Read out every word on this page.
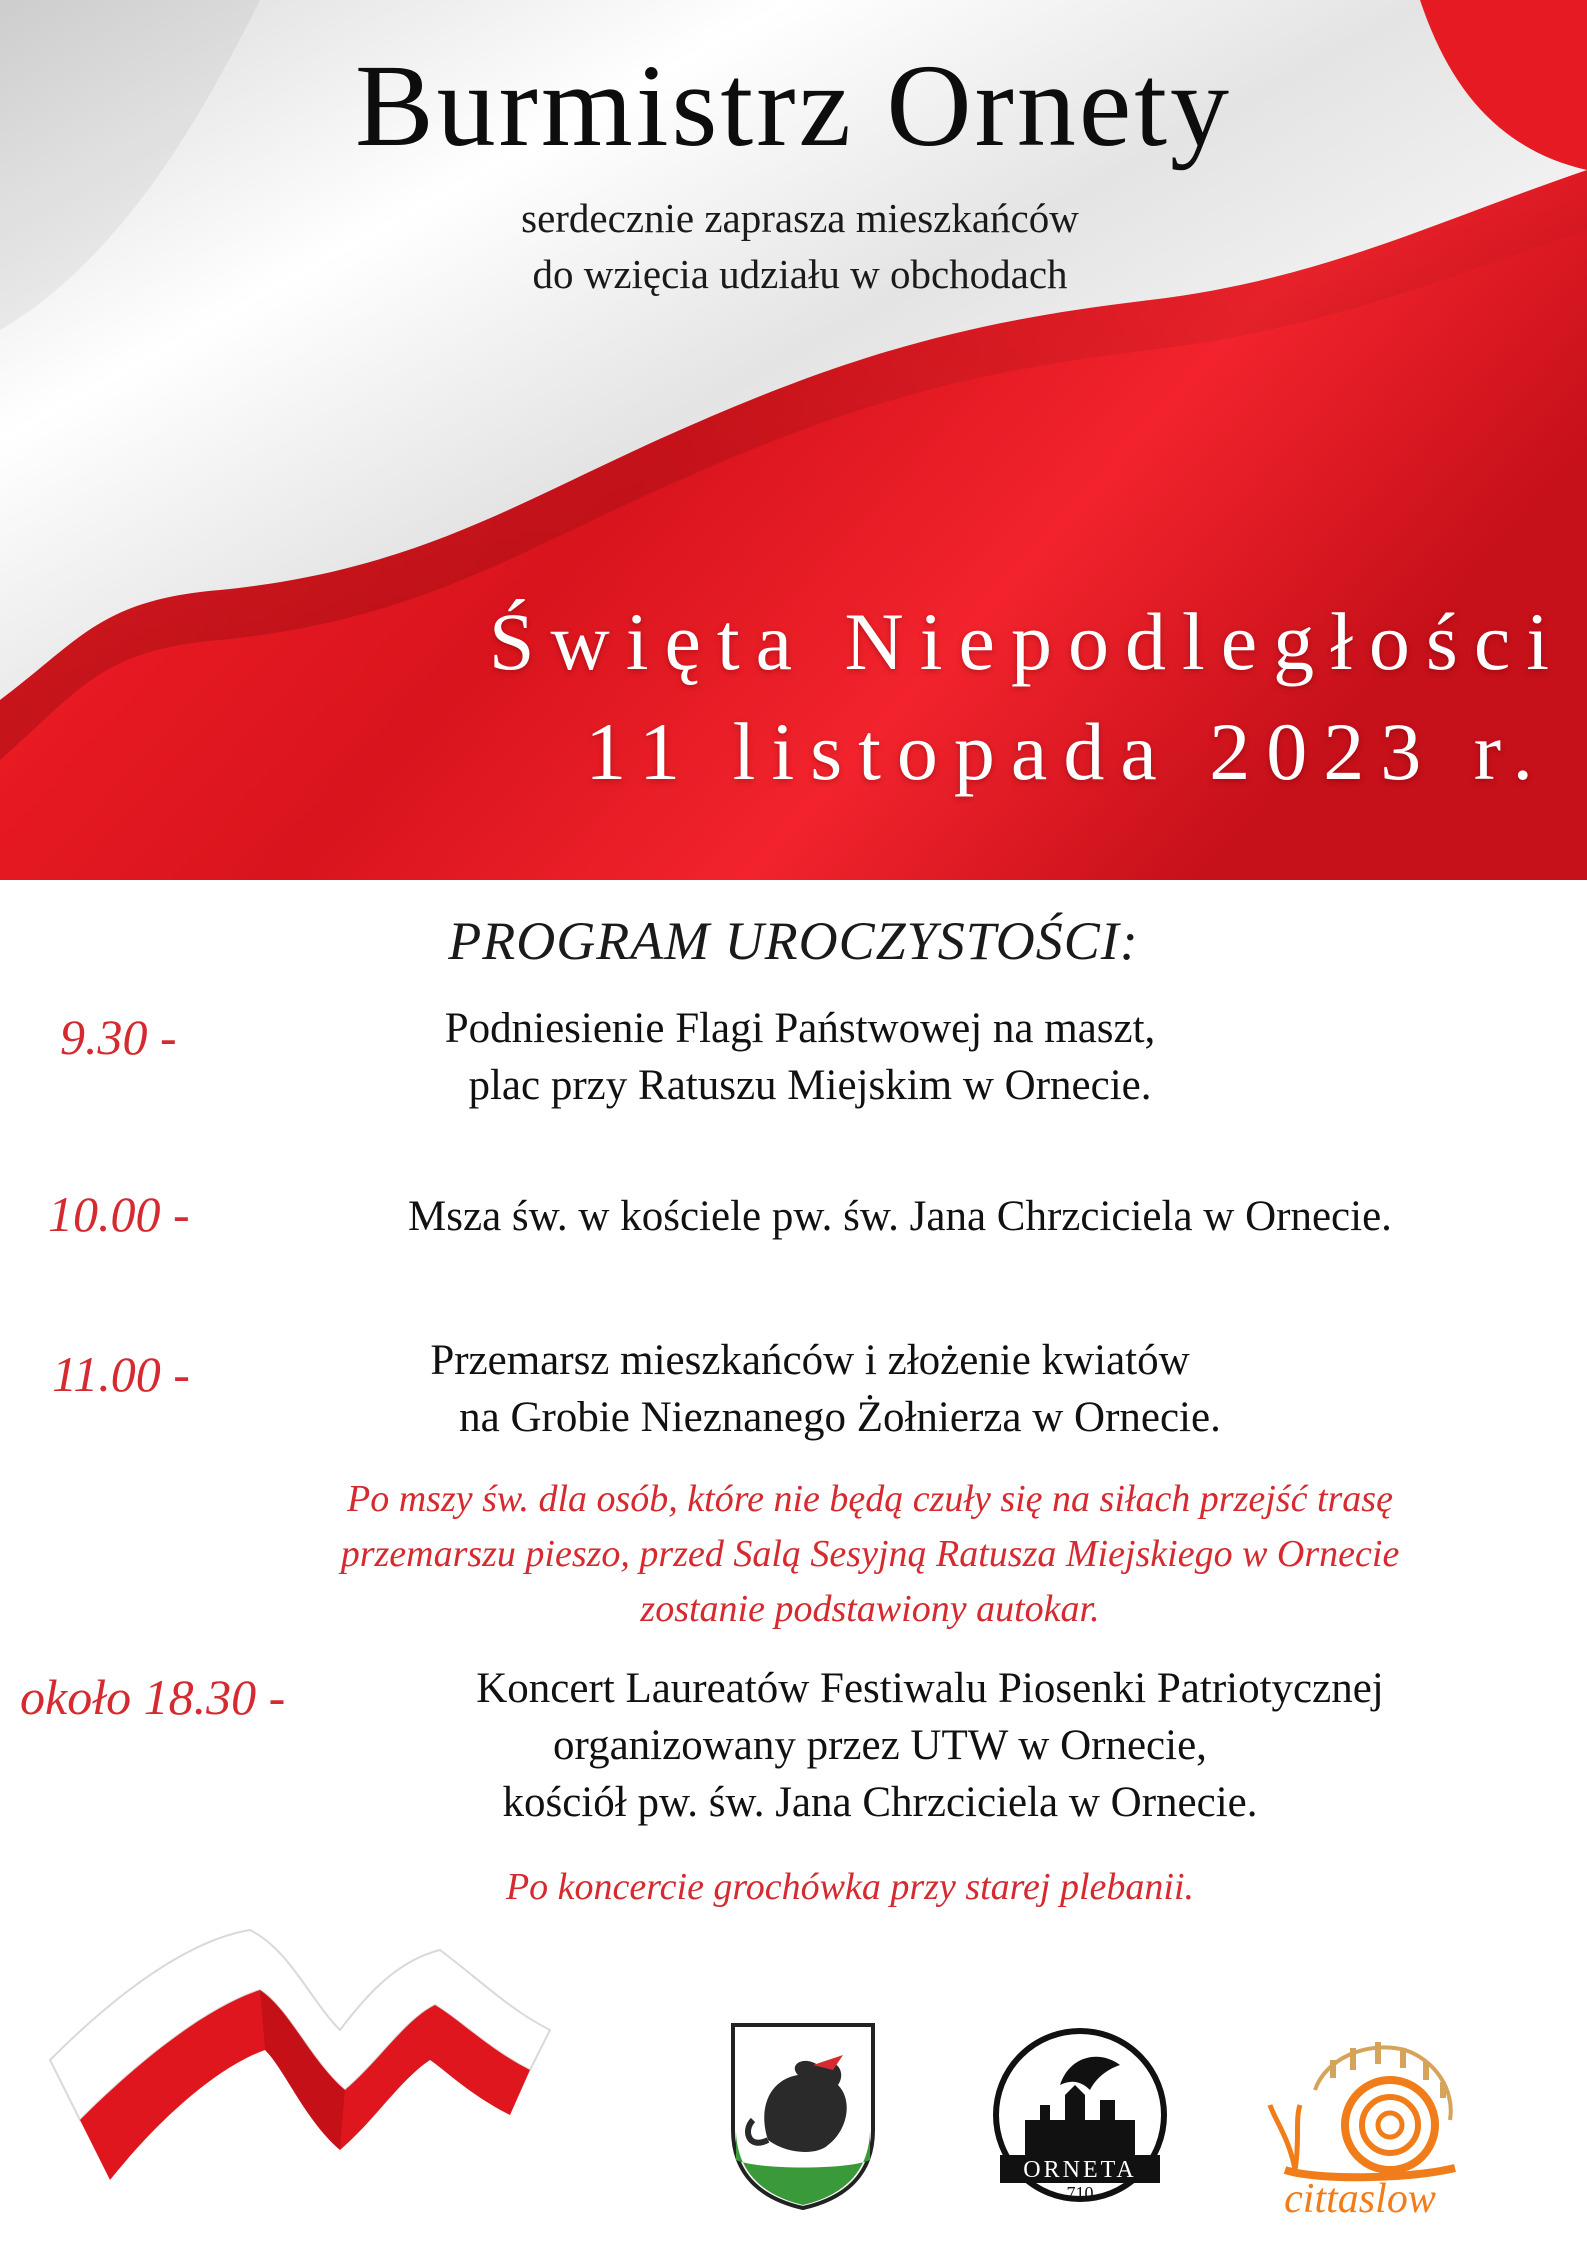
Burmistrz Ornety
serdecznie zaprasza mieszkańców
do wzięcia udziału w obchodach
Święta Niepodległości
11 listopada 2023 r.
PROGRAM UROCZYSTOŚCI:
9.30 -	Podniesienie Flagi Państwowej na maszt,
plac przy Ratuszu Miejskim w Ornecie.
10.00 -	Msza św. w kościele pw. św. Jana Chrzciciela w Ornecie.
11.00 -	Przemarsz mieszkańców i złożenie kwiatów
na Grobie Nieznanego Żołnierza w Ornecie.
Po mszy św. dla osób, które nie będą czuły się na siłach przejść trasę
przemarszu pieszo, przed Salą Sesyjną Ratusza Miejskiego w Ornecie
zostanie podstawiony autokar.
około 18.30 -	Koncert Laureatów Festiwalu Piosenki Patriotycznej
organizowany przez UTW w Ornecie,
kościół pw. św. Jana Chrzciciela w Ornecie.
Po koncercie grochówka przy starej plebanii.
ORNETA
710	cittaslow
